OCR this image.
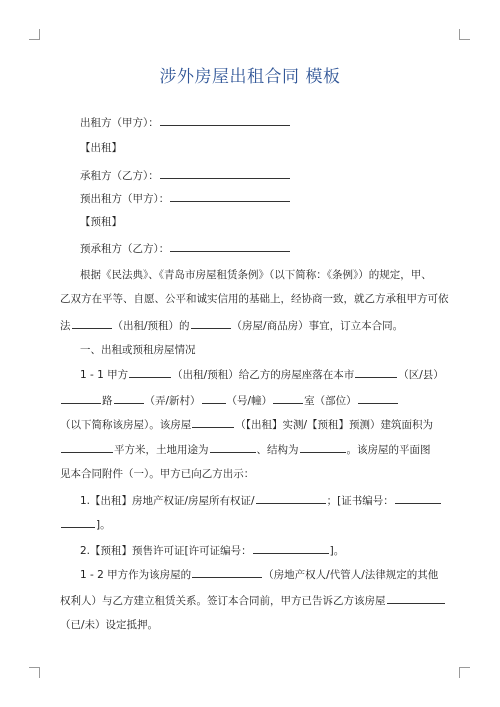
涉外房屋出租合同 模板
出租方（甲方）：
【出租】
承租方（乙方）：
预出租方（甲方）：
【预租】
预承租方（乙方）：
根据《民法典》、《青岛市房屋租赁条例》（以下简称：《条例》）的规定，甲、
乙双方在平等、自愿、公平和诚实信用的基础上，经协商一致，就乙方承租甲方可依
法	（出租/预租）的	（房屋/商品房）事宜，订立本合同。
一、出租或预租房屋情况
1 - 1 甲方	（出租/预租）给乙方的房屋座落在本市	（区/县）
路	（弄/新村） （号/幢）	室（部位）
（以下简称该房屋）。该房屋	（【出租】实测/【预租】预测）建筑面积为
平方米，土地用途为	、结构为	。该房屋的平面图
见本合同附件（一）。甲方已向乙方出示：
1.【出租】房地产权证/房屋所有权证/	；[证书编号：
]。
2.【预租】预售许可证[许可证编号：	]。
1 - 2 甲方作为该房屋的	（房地产权人/代管人/法律规定的其他
权利人）与乙方建立租赁关系。签订本合同前，甲方已告诉乙方该房屋
（已/未）设定抵押。
